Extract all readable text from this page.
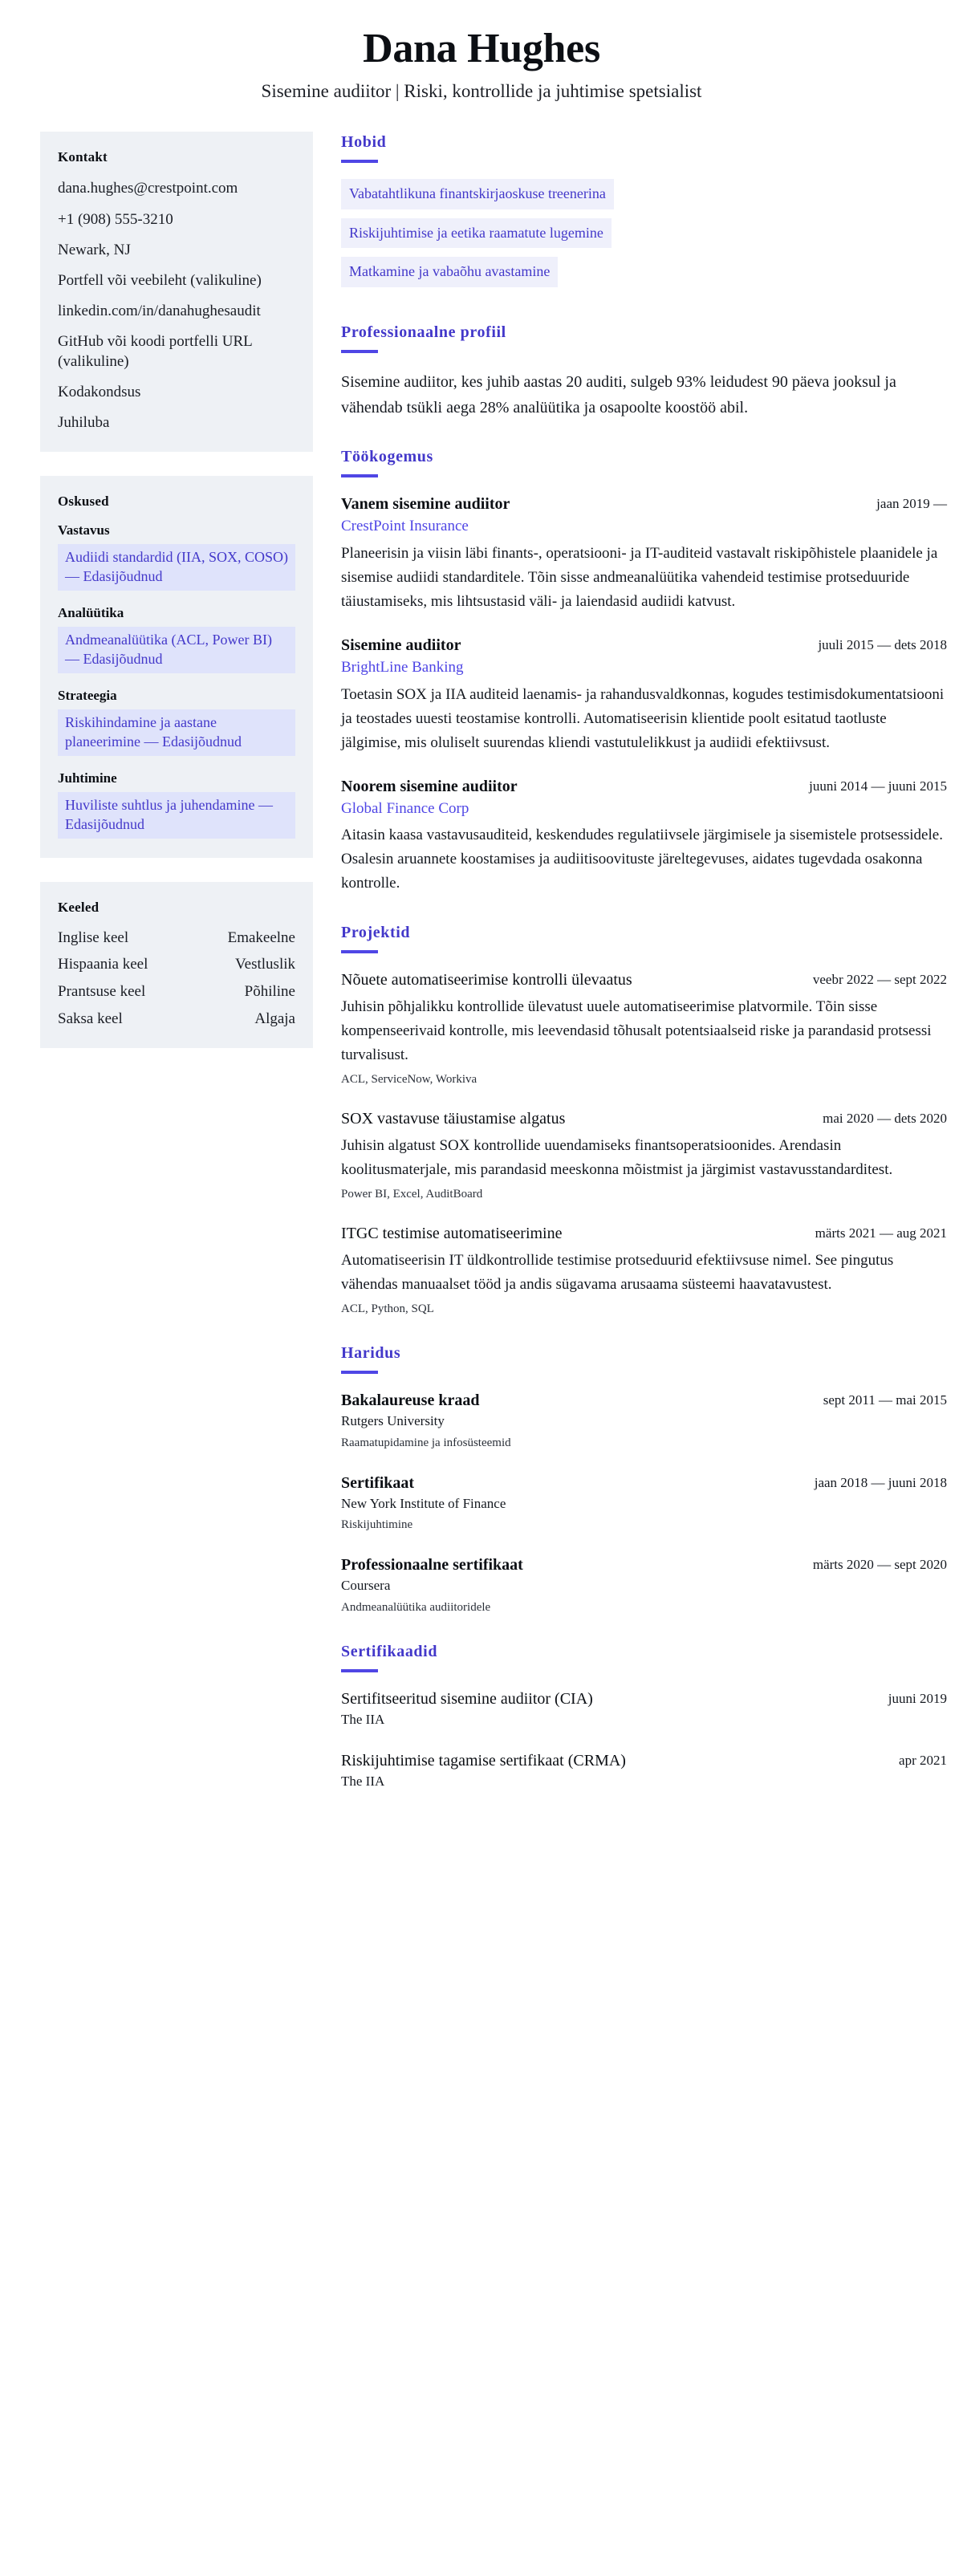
Dana Hughes

Sisemine audiitor | Riski, kontrollide ja juhtimise spetsialist

Kontakt
dana.hughes@crestpoint.com
+1 (908) 555-3210
Newark, NJ
Portfell või veebileht (valikuline)
linkedin.com/in/danahughesaudit
GitHub või koodi portfelli URL (valikuline)
Kodakondsus
Juhiluba
Oskused
Vastavus
Audiidi standardid (IIA, SOX, COSO) — Edasijõudnud
Analüütika
Andmeanalüütika (ACL, Power BI) — Edasijõudnud
Strateegia
Riskihindamine ja aastane planeerimine — Edasijõudnud
Juhtimine
Huviliste suhtlus ja juhendamine — Edasijõudnud
Keeled
Inglise keel	Emakeelne
Hispaania keel	Vestluslik
Prantsuse keel	Põhiline
Saksa keel	Algaja
Hobid
Vabatahtlikuna finantskirjaoskuse treenerina
Riskijuhtimise ja eetika raamatute lugemine
Matkamine ja vabaõhu avastamine
Professionaalne profiil

Sisemine audiitor, kes juhib aastas 20 auditi, sulgeb 93% leidudest 90 päeva jooksul ja vähendab tsükli aega 28% analüütika ja osapoolte koostöö abil.

Töökogemus
Vanem sisemine audiitor	jaan 2019 —
CrestPoint Insurance

Planeerisin ja viisin läbi finants-, operatsiooni- ja IT-auditeid vastavalt riskipõhistele plaanidele ja sisemise audiidi standarditele. Tõin sisse andmeanalüütika vahendeid testimise protseduuride täiustamiseks, mis lihtsustasid väli- ja laiendasid audiidi katvust.

Sisemine audiitor	juuli 2015 — dets 2018
BrightLine Banking

Toetasin SOX ja IIA auditeid laenamis- ja rahandusvaldkonnas, kogudes testimisdokumentatsiooni ja teostades uuesti teostamise kontrolli. Automatiseerisin klientide poolt esitatud taotluste jälgimise, mis oluliselt suurendas kliendi vastutulelikkust ja audiidi efektiivsust.

Noorem sisemine audiitor	juuni 2014 — juuni 2015
Global Finance Corp

Aitasin kaasa vastavusauditeid, keskendudes regulatiivsele järgimisele ja sisemistele protsessidele. Osalesin aruannete koostamises ja audiitisoovituste järeltegevuses, aidates tugevdada osakonna kontrolle.

Projektid
Nõuete automatiseerimise kontrolli ülevaatus	veebr 2022 — sept 2022

Juhisin põhjalikku kontrollide ülevatust uuele automatiseerimise platvormile. Tõin sisse kompenseerivaid kontrolle, mis leevendasid tõhusalt potentsiaalseid riske ja parandasid protsessi turvalisust.

ACL, ServiceNow, Workiva
SOX vastavuse täiustamise algatus	mai 2020 — dets 2020

Juhisin algatust SOX kontrollide uuendamiseks finantsoperatsioonides. Arendasin koolitusmaterjale, mis parandasid meeskonna mõistmist ja järgimist vastavusstandarditest.

Power BI, Excel, AuditBoard
ITGC testimise automatiseerimine	märts 2021 — aug 2021

Automatiseerisin IT üldkontrollide testimise protseduurid efektiivsuse nimel. See pingutus vähendas manuaalset tööd ja andis sügavama arusaama süsteemi haavatavustest.

ACL, Python, SQL
Haridus
Bakalaureuse kraad	sept 2011 — mai 2015
Rutgers University
Raamatupidamine ja infosüsteemid
Sertifikaat	jaan 2018 — juuni 2018
New York Institute of Finance
Riskijuhtimine
Professionaalne sertifikaat	märts 2020 — sept 2020
Coursera
Andmeanalüütika audiitoridele
Sertifikaadid
Sertifitseeritud sisemine audiitor (CIA)	juuni 2019
The IIA
Riskijuhtimise tagamise sertifikaat (CRMA)	apr 2021
The IIA
